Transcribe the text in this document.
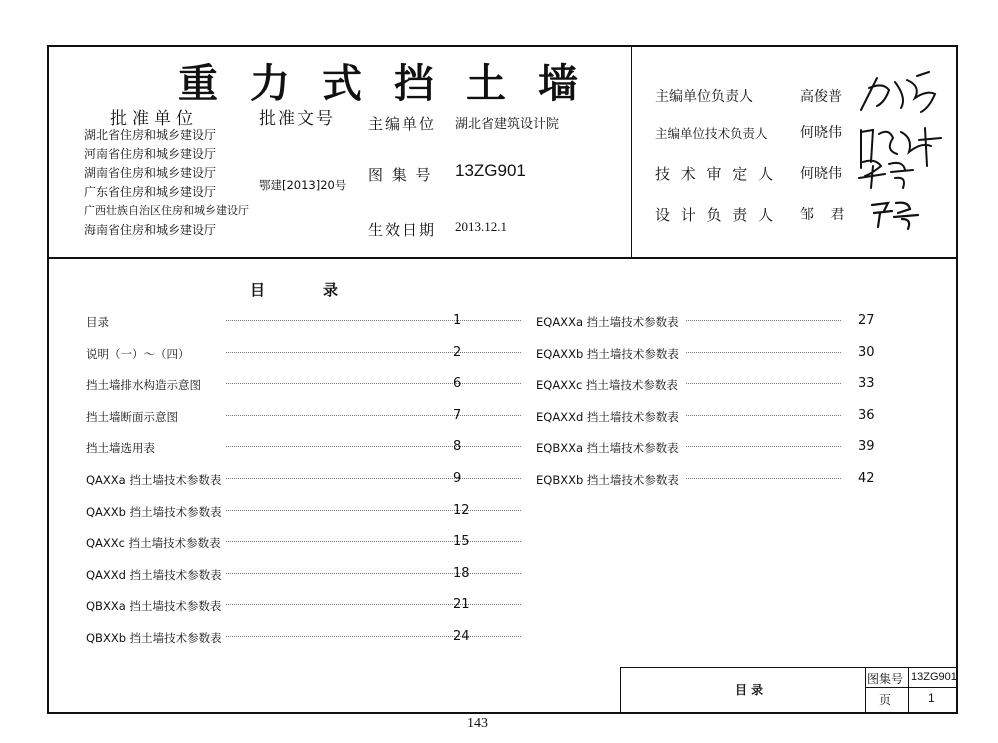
重力式挡土墙
批准单位
湖北省住房和城乡建设厅
河南省住房和城乡建设厅
湖南省住房和城乡建设厅
广东省住房和城乡建设厅
广西壮族自治区住房和城乡建设厅
海南省住房和城乡建设厅
批准文号
鄂建[2013]20号
主编单位 湖北省建筑设计院
图 集 号 13ZG901
生效日期 2013.12.1
主编单位负责人	高俊普
主编单位技术负责人 何晓伟
技 术 审 定 人 何晓伟
设 计 负 责 人 邹 君
目录
目录	1
说明（一）～（四）	2
挡土墙排水构造示意图	6
挡土墙断面示意图	7
挡土墙选用表	8
QAXXa 挡土墙技术参数表	9
QAXXb 挡土墙技术参数表	12
QAXXc 挡土墙技术参数表	15
QAXXd 挡土墙技术参数表	18
QBXXa 挡土墙技术参数表	21
QBXXb 挡土墙技术参数表	24
EQAXXa 挡土墙技术参数表	27
EQAXXb 挡土墙技术参数表	30
EQAXXc 挡土墙技术参数表	33
EQAXXd 挡土墙技术参数表	36
EQBXXa 挡土墙技术参数表	39
EQBXXb 挡土墙技术参数表	42
目 录
图集号 13ZG901
页	1
143
